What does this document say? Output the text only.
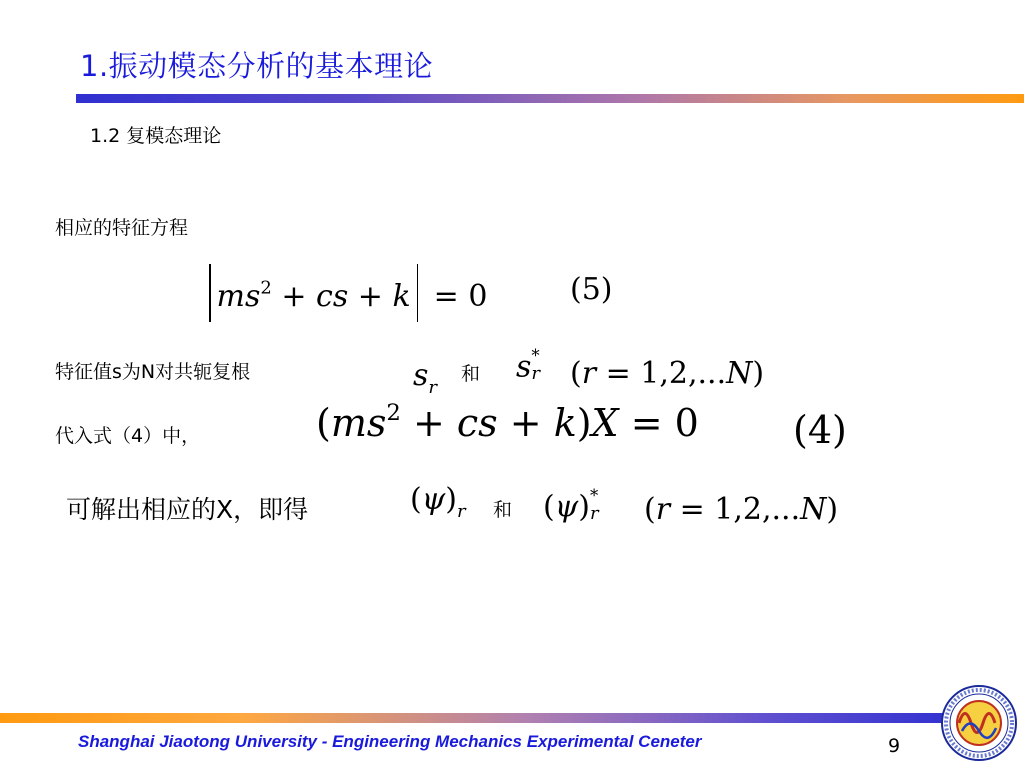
1.振动模态分析的基本理论
1.2 复模态理论
相应的特征方程
$ms^2$ + cs + k = 0	(5)
特征值s为N对共轭复根	$s_r$
和 s *
r (r = 1,2,...N)
代入式（4）中，	($ms^2$ + cs + k)X = 0 (4)
可解出相应的X，即得	$(\psi)_r$ 和 (ψ) *
r (r = 1,2,...N)
Shanghai Jiaotong University - Engineering Mechanics Experimental Ceneter	9
